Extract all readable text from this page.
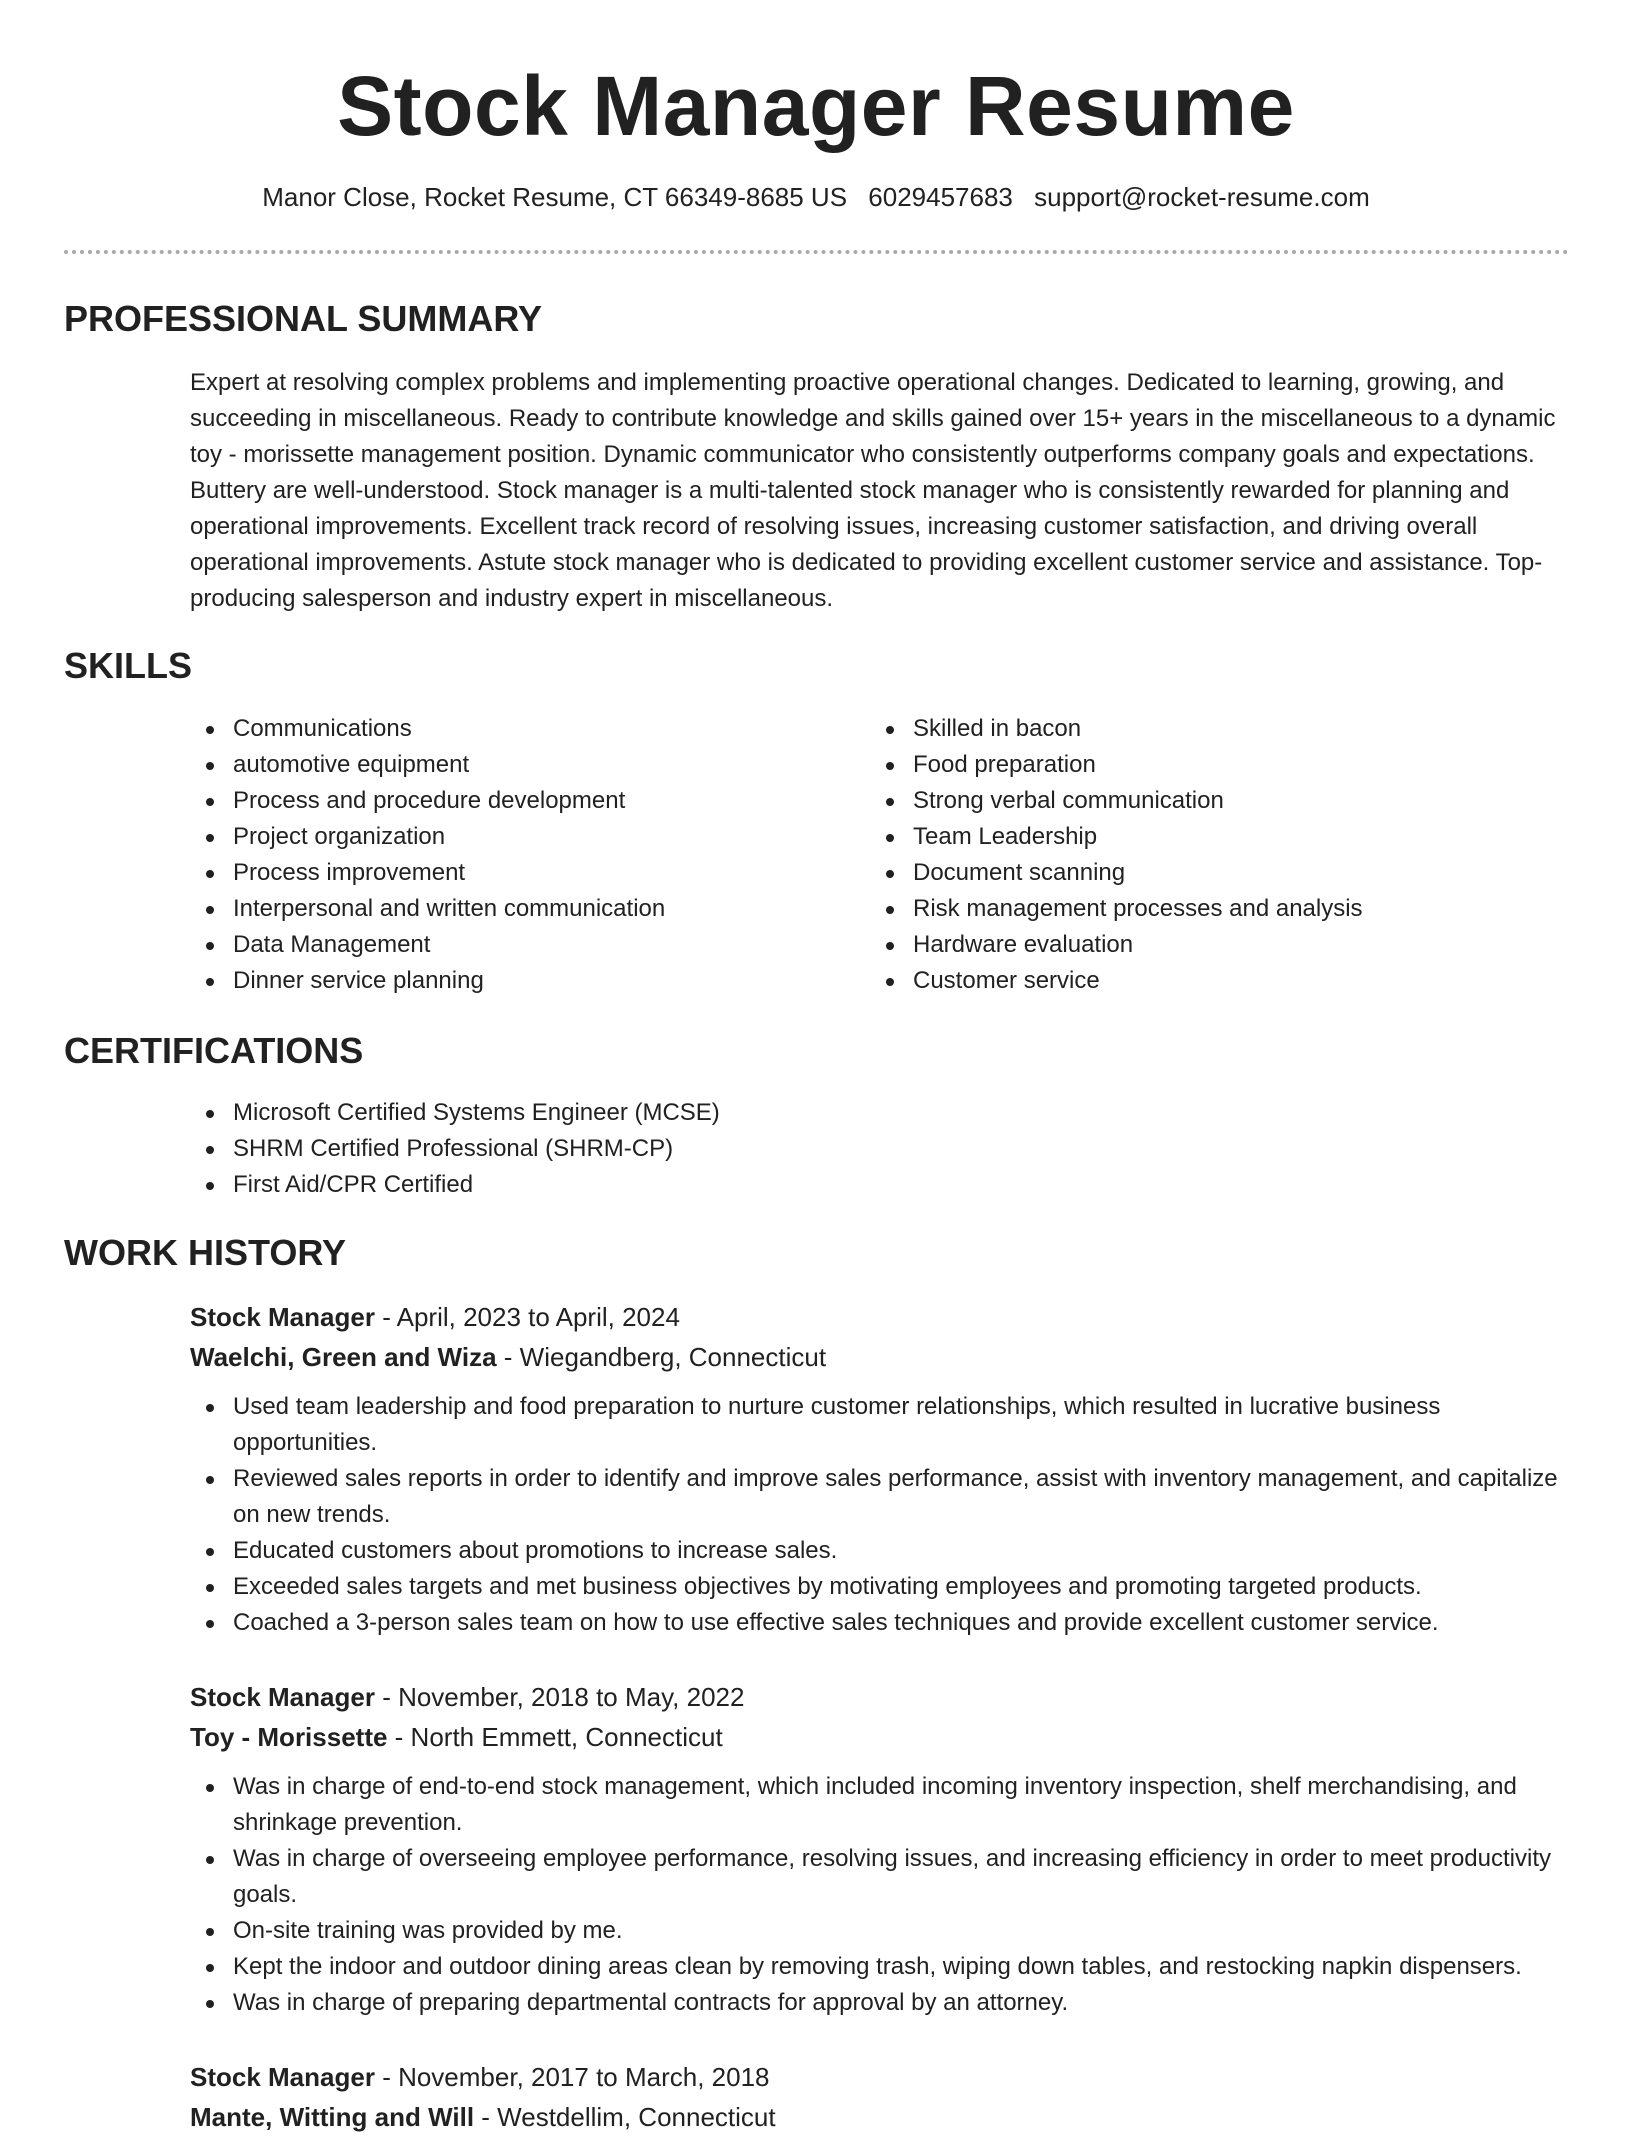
Stock Manager Resume
Manor Close, Rocket Resume, CT 66349-8685 US 6029457683 support@rocket-resume.com
PROFESSIONAL SUMMARY
Expert at resolving complex problems and implementing proactive operational changes. Dedicated to learning, growing, and succeeding in miscellaneous. Ready to contribute knowledge and skills gained over 15+ years in the miscellaneous to a dynamic toy - morissette management position. Dynamic communicator who consistently outperforms company goals and expectations. Buttery are well-understood. Stock manager is a multi-talented stock manager who is consistently rewarded for planning and operational improvements. Excellent track record of resolving issues, increasing customer satisfaction, and driving overall operational improvements. Astute stock manager who is dedicated to providing excellent customer service and assistance. Top-producing salesperson and industry expert in miscellaneous.
SKILLS
Communications
automotive equipment
Process and procedure development
Project organization
Process improvement
Interpersonal and written communication
Data Management
Dinner service planning
Skilled in bacon
Food preparation
Strong verbal communication
Team Leadership
Document scanning
Risk management processes and analysis
Hardware evaluation
Customer service
CERTIFICATIONS
Microsoft Certified Systems Engineer (MCSE)
SHRM Certified Professional (SHRM-CP)
First Aid/CPR Certified
WORK HISTORY
Stock Manager - April, 2023 to April, 2024
Waelchi, Green and Wiza - Wiegandberg, Connecticut
Used team leadership and food preparation to nurture customer relationships, which resulted in lucrative business opportunities.
Reviewed sales reports in order to identify and improve sales performance, assist with inventory management, and capitalize on new trends.
Educated customers about promotions to increase sales.
Exceeded sales targets and met business objectives by motivating employees and promoting targeted products.
Coached a 3-person sales team on how to use effective sales techniques and provide excellent customer service.
Stock Manager - November, 2018 to May, 2022
Toy - Morissette - North Emmett, Connecticut
Was in charge of end-to-end stock management, which included incoming inventory inspection, shelf merchandising, and shrinkage prevention.
Was in charge of overseeing employee performance, resolving issues, and increasing efficiency in order to meet productivity goals.
On-site training was provided by me.
Kept the indoor and outdoor dining areas clean by removing trash, wiping down tables, and restocking napkin dispensers.
Was in charge of preparing departmental contracts for approval by an attorney.
Stock Manager - November, 2017 to March, 2018
Mante, Witting and Will - Westdellim, Connecticut
